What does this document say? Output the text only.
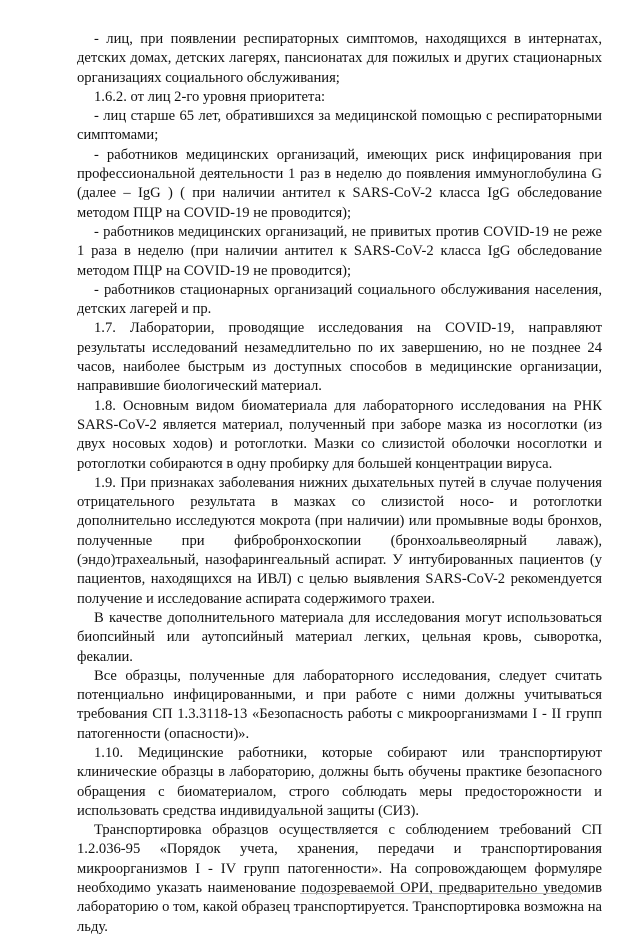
- лиц, при появлении респираторных симптомов, находящихся в интернатах, детских домах, детских лагерях, пансионатах для пожилых и других стационарных организациях социального обслуживания;

1.6.2. от лиц 2-го уровня приоритета:

- лиц старше 65 лет, обратившихся за медицинской помощью с респираторными симптомами;

- работников медицинских организаций, имеющих риск инфицирования при профессиональной деятельности 1 раз в неделю до появления иммуноглобулина G (далее – IgG ) ( при наличии антител к SARS-CoV-2 класса IgG обследование методом ПЦР на COVID-19 не проводится);

- работников медицинских организаций, не привитых против COVID-19 не реже 1 раза в неделю (при наличии антител к SARS-CoV-2 класса IgG обследование методом ПЦР на COVID-19 не проводится);

- работников стационарных организаций социального обслуживания населения, детских лагерей и пр.

1.7. Лаборатории, проводящие исследования на COVID-19, направляют результаты исследований незамедлительно по их завершению, но не позднее 24 часов, наиболее быстрым из доступных способов в медицинские организации, направившие биологический материал.

1.8. Основным видом биоматериала для лабораторного исследования на РНК SARS-CoV-2 является материал, полученный при заборе мазка из носоглотки (из двух носовых ходов) и ротоглотки. Мазки со слизистой оболочки носоглотки и ротоглотки собираются в одну пробирку для большей концентрации вируса.

1.9. При признаках заболевания нижних дыхательных путей в случае получения отрицательного результата в мазках со слизистой носо- и ротоглотки дополнительно исследуются мокрота (при наличии) или промывные воды бронхов, полученные при фибробронхоскопии (бронхоальвеолярный лаваж), (эндо)трахеальный, назофарингеальный аспират. У интубированных пациентов (у пациентов, находящихся на ИВЛ) с целью выявления SARS-CoV-2 рекомендуется получение и исследование аспирата содержимого трахеи.

В качестве дополнительного материала для исследования могут использоваться биопсийный или аутопсийный материал легких, цельная кровь, сыворотка, фекалии.

Все образцы, полученные для лабораторного исследования, следует считать потенциально инфицированными, и при работе с ними должны учитываться требования СП 1.3.3118-13 «Безопасность работы с микроорганизмами I - II групп патогенности (опасности)».

1.10. Медицинские работники, которые собирают или транспортируют клинические образцы в лабораторию, должны быть обучены практике безопасного обращения с биоматериалом, строго соблюдать меры предосторожности и использовать средства индивидуальной защиты (СИЗ).

Транспортировка образцов осуществляется с соблюдением требований СП 1.2.036-95 «Порядок учета, хранения, передачи и транспортирования микроорганизмов I - IV групп патогенности». На сопровождающем формуляре необходимо указать наименование подозреваемой ОРИ, предварительно уведомив лабораторию о том, какой образец транспортируется. Транспортировка возможна на льду.
